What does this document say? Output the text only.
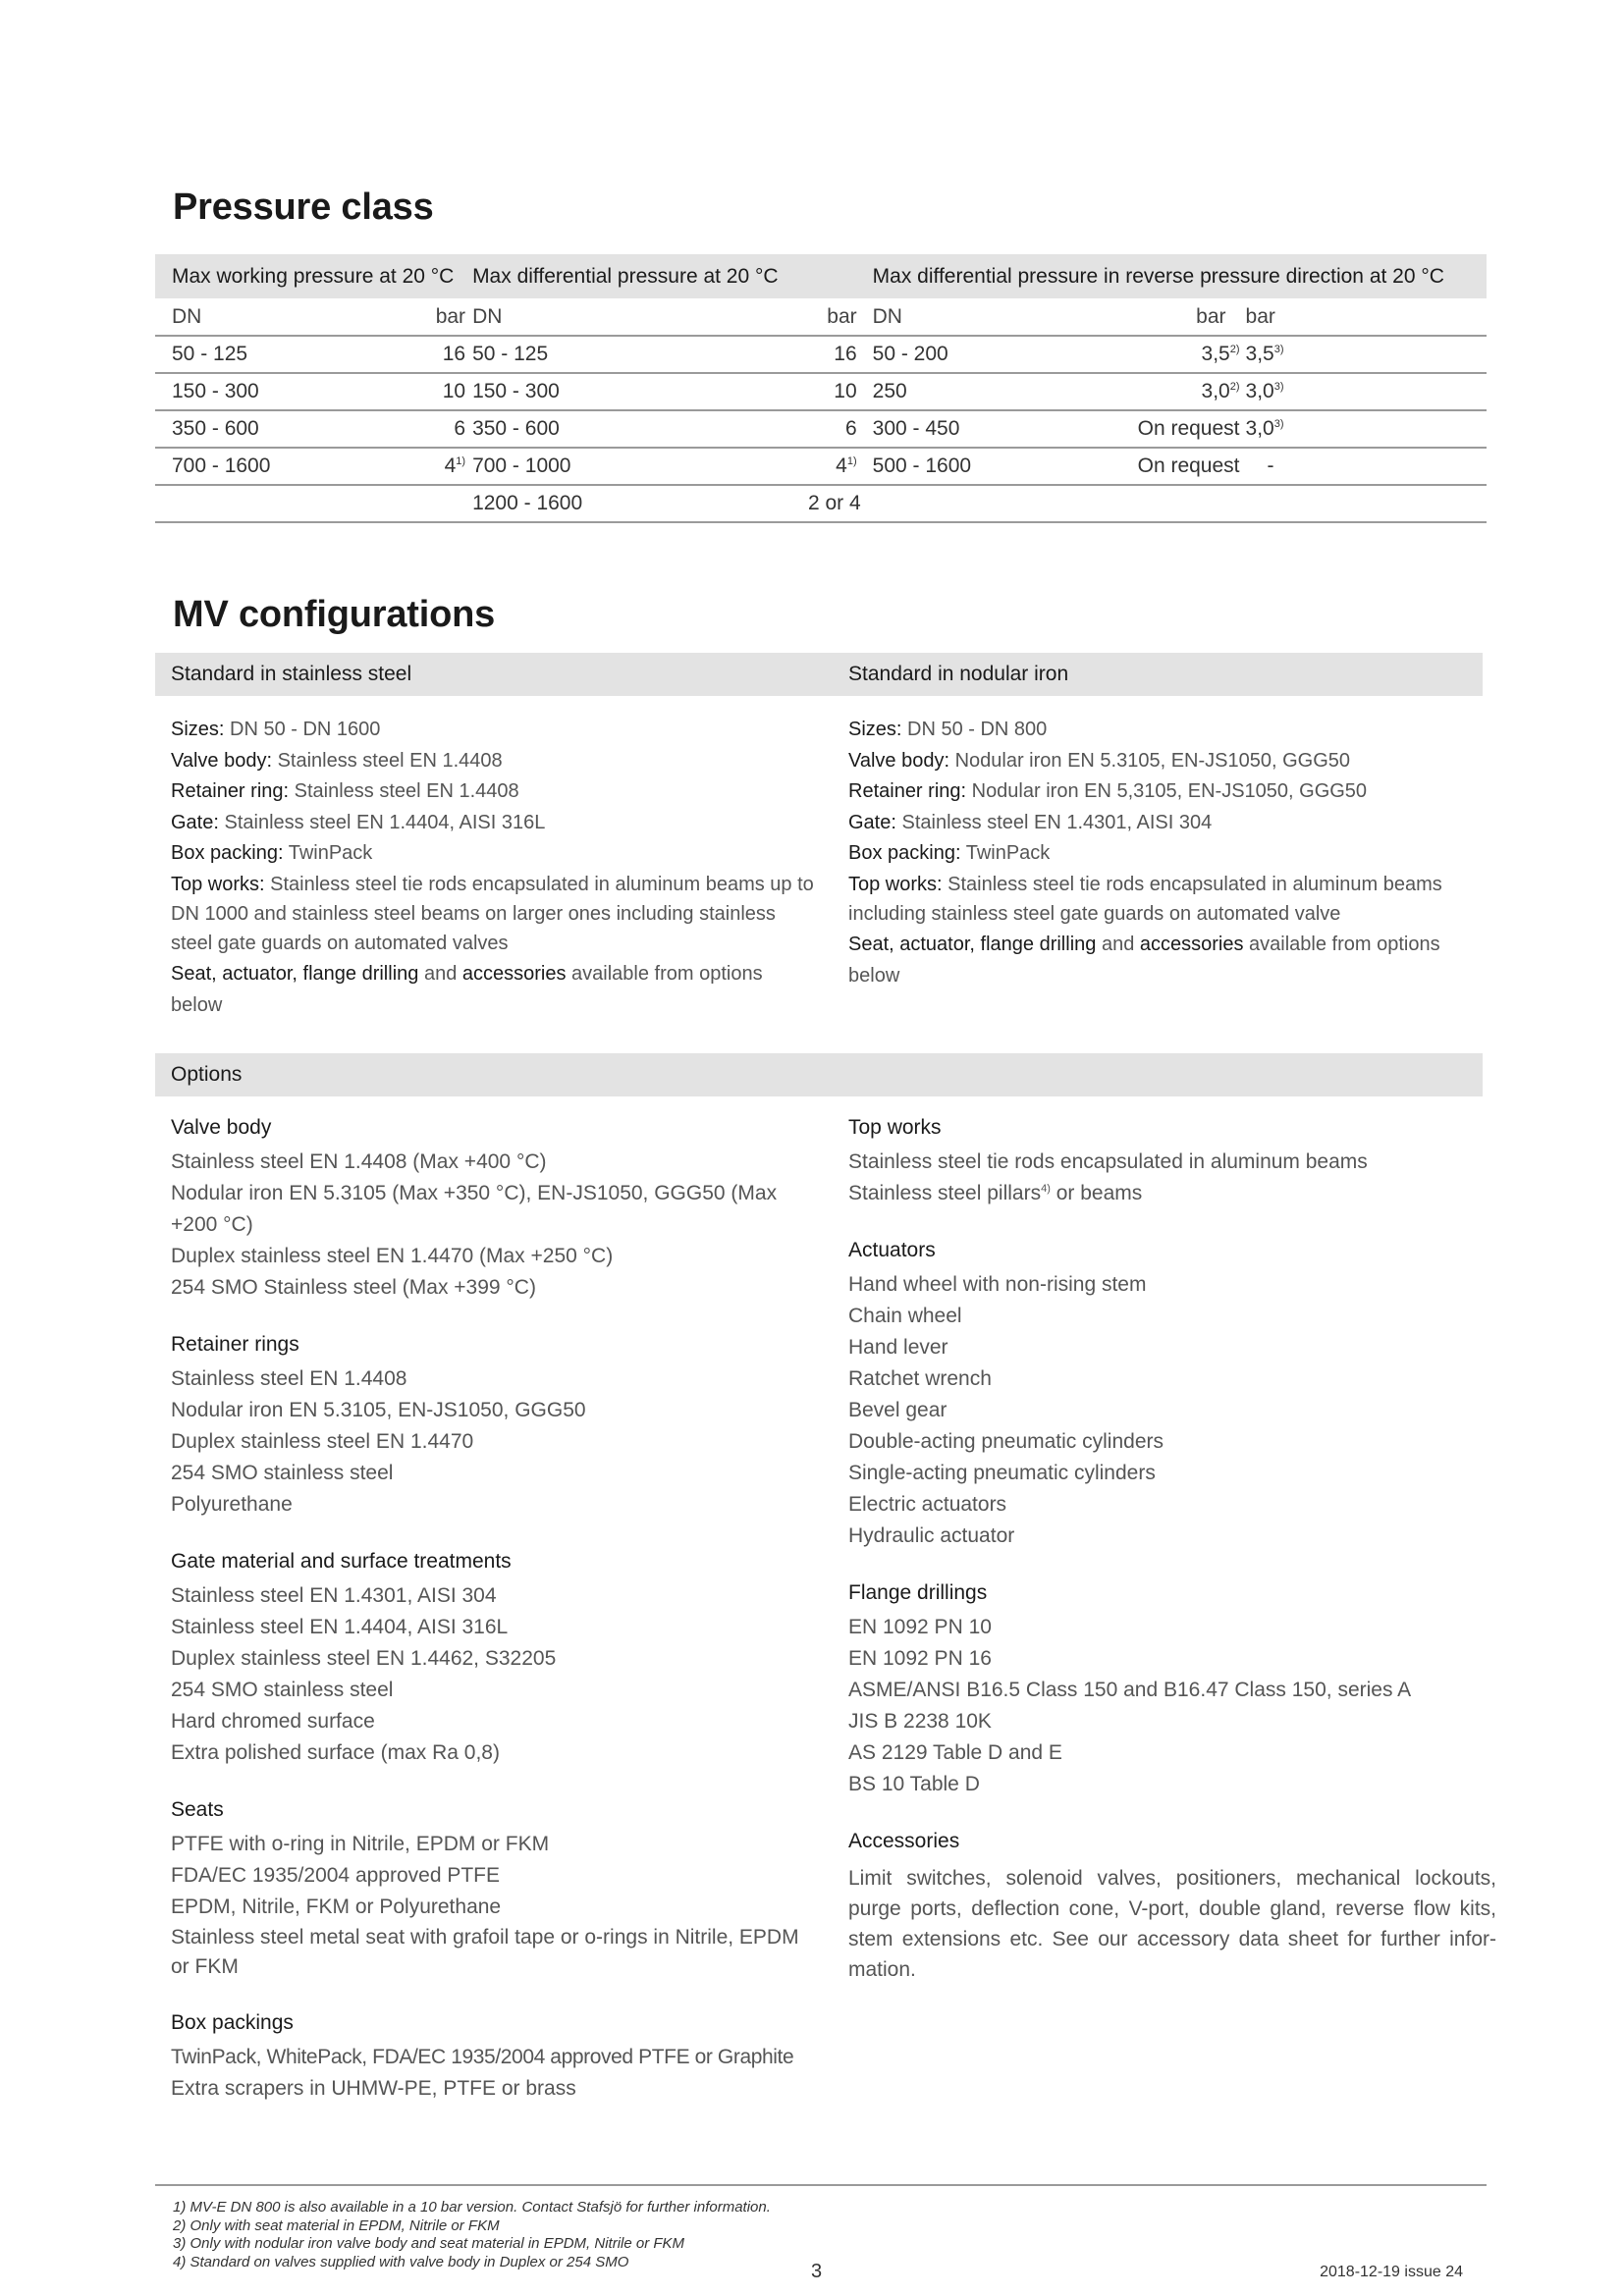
Pressure class
Max working pressure at 20 °C		Max differential pressure at 20 °C		Max differential pressure in reverse pressure direction at 20 °C			
DN	bar	DN	bar	DN	bar	bar	
50 - 125	16	50 - 125	16	50 - 200	3,5$^{2)}$	3,5$^{3)}$	
150 - 300	10	150 - 300	10	250	3,0$^{2)}$	3,0$^{3)}$	
350 - 600	6	350 - 600	6	300 - 450	On request	3,0$^{3)}$	
700 - 1600	4$^{1)}$	700 - 1000	4$^{1)}$	500 - 1600	On request	-	
		1200 - 1600	2 or 4				
MV configurations
Standard in stainless steel	Standard in nodular iron
Sizes: DN 50 - DN 1600
Valve body: Stainless steel EN 1.4408
Retainer ring: Stainless steel EN 1.4408
Gate: Stainless steel EN 1.4404, AISI 316L
Box packing: TwinPack
Top works: Stainless steel tie rods encapsulated in aluminum beams up to DN 1000 and stainless steel beams on larger ones including stainless steel gate guards on automated valves
Seat, actuator, flange drilling and accessories available from options below
Sizes: DN 50 - DN 800
Valve body: Nodular iron EN 5.3105, EN-JS1050, GGG50
Retainer ring: Nodular iron EN 5,3105, EN-JS1050, GGG50
Gate: Stainless steel EN 1.4301, AISI 304
Box packing: TwinPack
Top works: Stainless steel tie rods encapsulated in aluminum beams including stainless steel gate guards on automated valve
Seat, actuator, flange drilling and accessories available from options below
Options
Valve body
Stainless steel EN 1.4408 (Max +400 °C)
Nodular iron EN 5.3105 (Max +350 °C), EN-JS1050, GGG50 (Max +200 °C)
Duplex stainless steel EN 1.4470 (Max +250 °C)
254 SMO Stainless steel (Max +399 °C)
Retainer rings
Stainless steel EN 1.4408
Nodular iron EN 5.3105, EN-JS1050, GGG50
Duplex stainless steel EN 1.4470
254 SMO stainless steel
Polyurethane
Gate material and surface treatments
Stainless steel EN 1.4301, AISI 304
Stainless steel EN 1.4404, AISI 316L
Duplex stainless steel EN 1.4462, S32205
254 SMO stainless steel
Hard chromed surface
Extra polished surface (max Ra 0,8)
Seats
PTFE with o-ring in Nitrile, EPDM or FKM
FDA/EC 1935/2004 approved PTFE
EPDM, Nitrile, FKM or Polyurethane
Stainless steel metal seat with grafoil tape or o-rings in Nitrile, EPDM or FKM
Box packings
TwinPack, WhitePack, FDA/EC 1935/2004 approved PTFE or Graphite
Extra scrapers in UHMW-PE, PTFE or brass
Top works
Stainless steel tie rods encapsulated in aluminum beams
Stainless steel pillars$^{4)}$ or beams
Actuators
Hand wheel with non-rising stem
Chain wheel
Hand lever
Ratchet wrench
Bevel gear
Double-acting pneumatic cylinders
Single-acting pneumatic cylinders
Electric actuators
Hydraulic actuator
Flange drillings
EN 1092 PN 10
EN 1092 PN 16
ASME/ANSI B16.5 Class 150 and B16.47 Class 150, series A
JIS B 2238 10K
AS 2129 Table D and E
BS 10 Table D
Accessories
Limit switches, solenoid valves, positioners, mechanical lockouts, purge ports, deflection cone, V-port, double gland, reverse flow kits, stem extensions etc. See our accessory data sheet for further information.
1) MV-E DN 800 is also available in a 10 bar version. Contact Stafsjö for further information.
2) Only with seat material in EPDM, Nitrile or FKM
3) Only with nodular iron valve body and seat material in EPDM, Nitrile or FKM
4) Standard on valves supplied with valve body in Duplex or 254 SMO	3	2018-12-19 issue 24
